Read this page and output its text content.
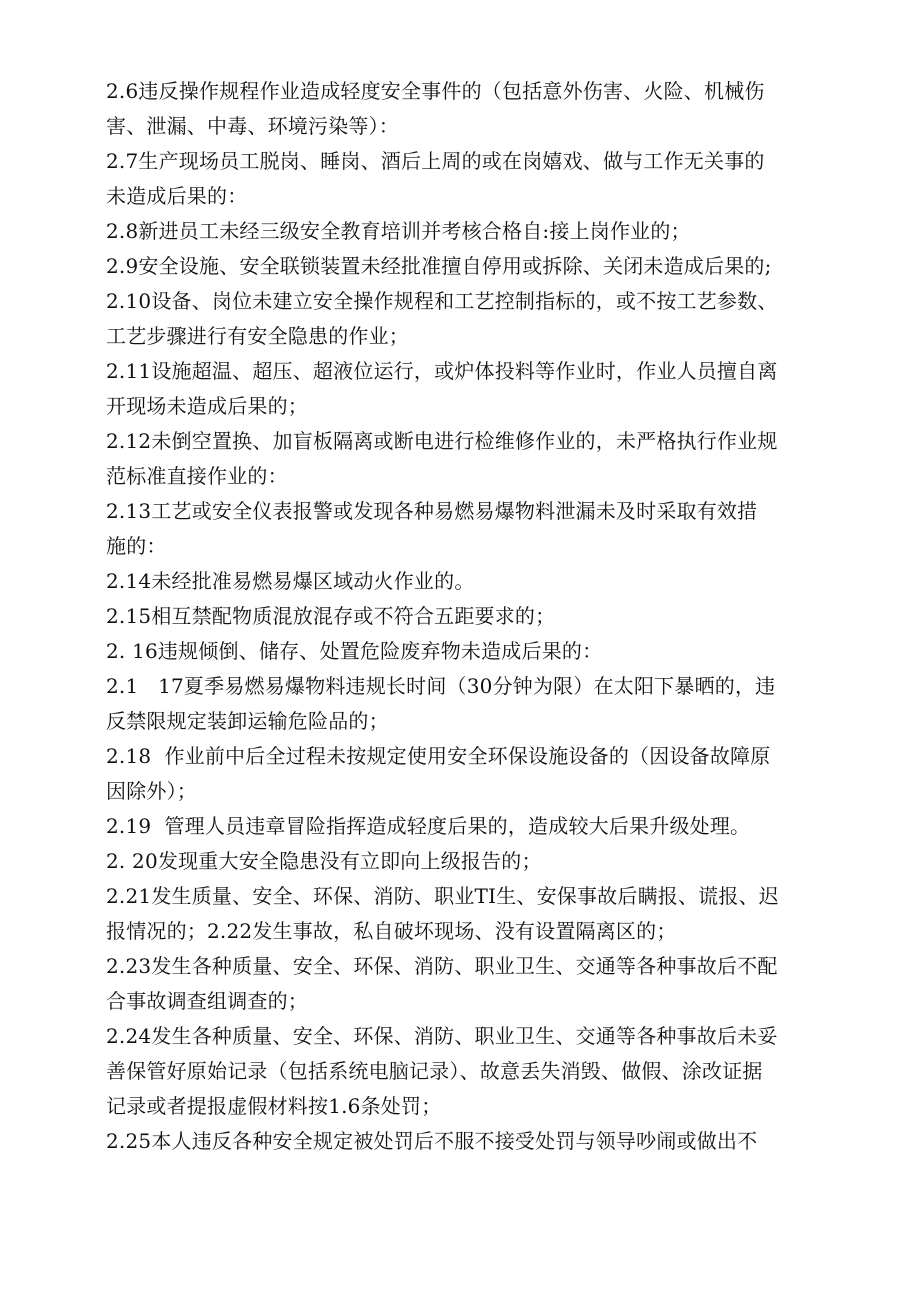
2.6违反操作规程作业造成轻度安全事件的（包括意外伤害、火险、机械伤
害、泄漏、中毒、环境污染等）：
2.7生产现场员工脱岗、睡岗、酒后上周的或在岗嬉戏、做与工作无关事的
未造成后果的：
2.8新进员工未经三级安全教育培训并考核合格自:接上岗作业的；
2.9安全设施、安全联锁装置未经批准擅自停用或拆除、关闭未造成后果的;
2.10设备、岗位未建立安全操作规程和工艺控制指标的，或不按工艺参数、
工艺步骤进行有安全隐患的作业；
2.11设施超温、超压、超液位运行，或炉体投料等作业时，作业人员擅自离
开现场未造成后果的；
2.12未倒空置换、加盲板隔离或断电进行检维修作业的，未严格执行作业规
范标准直接作业的：
2.13工艺或安全仪表报警或发现各种易燃易爆物料泄漏未及时采取有效措
施的：
2.14未经批准易燃易爆区域动火作业的。
2.15相互禁配物质混放混存或不符合五距要求的；
2. 16违规倾倒、储存、处置危险废弃物未造成后果的：
2.1   17夏季易燃易爆物料违规长时间（30分钟为限）在太阳下暴晒的，违
反禁限规定装卸运输危险品的；
2.18  作业前中后全过程未按规定使用安全环保设施设备的（因设备故障原
因除外）；
2.19  管理人员违章冒险指挥造成轻度后果的，造成较大后果升级处理。
2. 20发现重大安全隐患没有立即向上级报告的；
2.21发生质量、安全、环保、消防、职业TI生、安保事故后瞒报、谎报、迟
报情况的；2.22发生事故，私自破坏现场、没有设置隔离区的；
2.23发生各种质量、安全、环保、消防、职业卫生、交通等各种事故后不配
合事故调查组调查的；
2.24发生各种质量、安全、环保、消防、职业卫生、交通等各种事故后未妥
善保管好原始记录（包括系统电脑记录）、故意丢失消毁、做假、涂改证据
记录或者提报虚假材料按1.6条处罚；
2.25本人违反各种安全规定被处罚后不服不接受处罚与领导吵闹或做出不
